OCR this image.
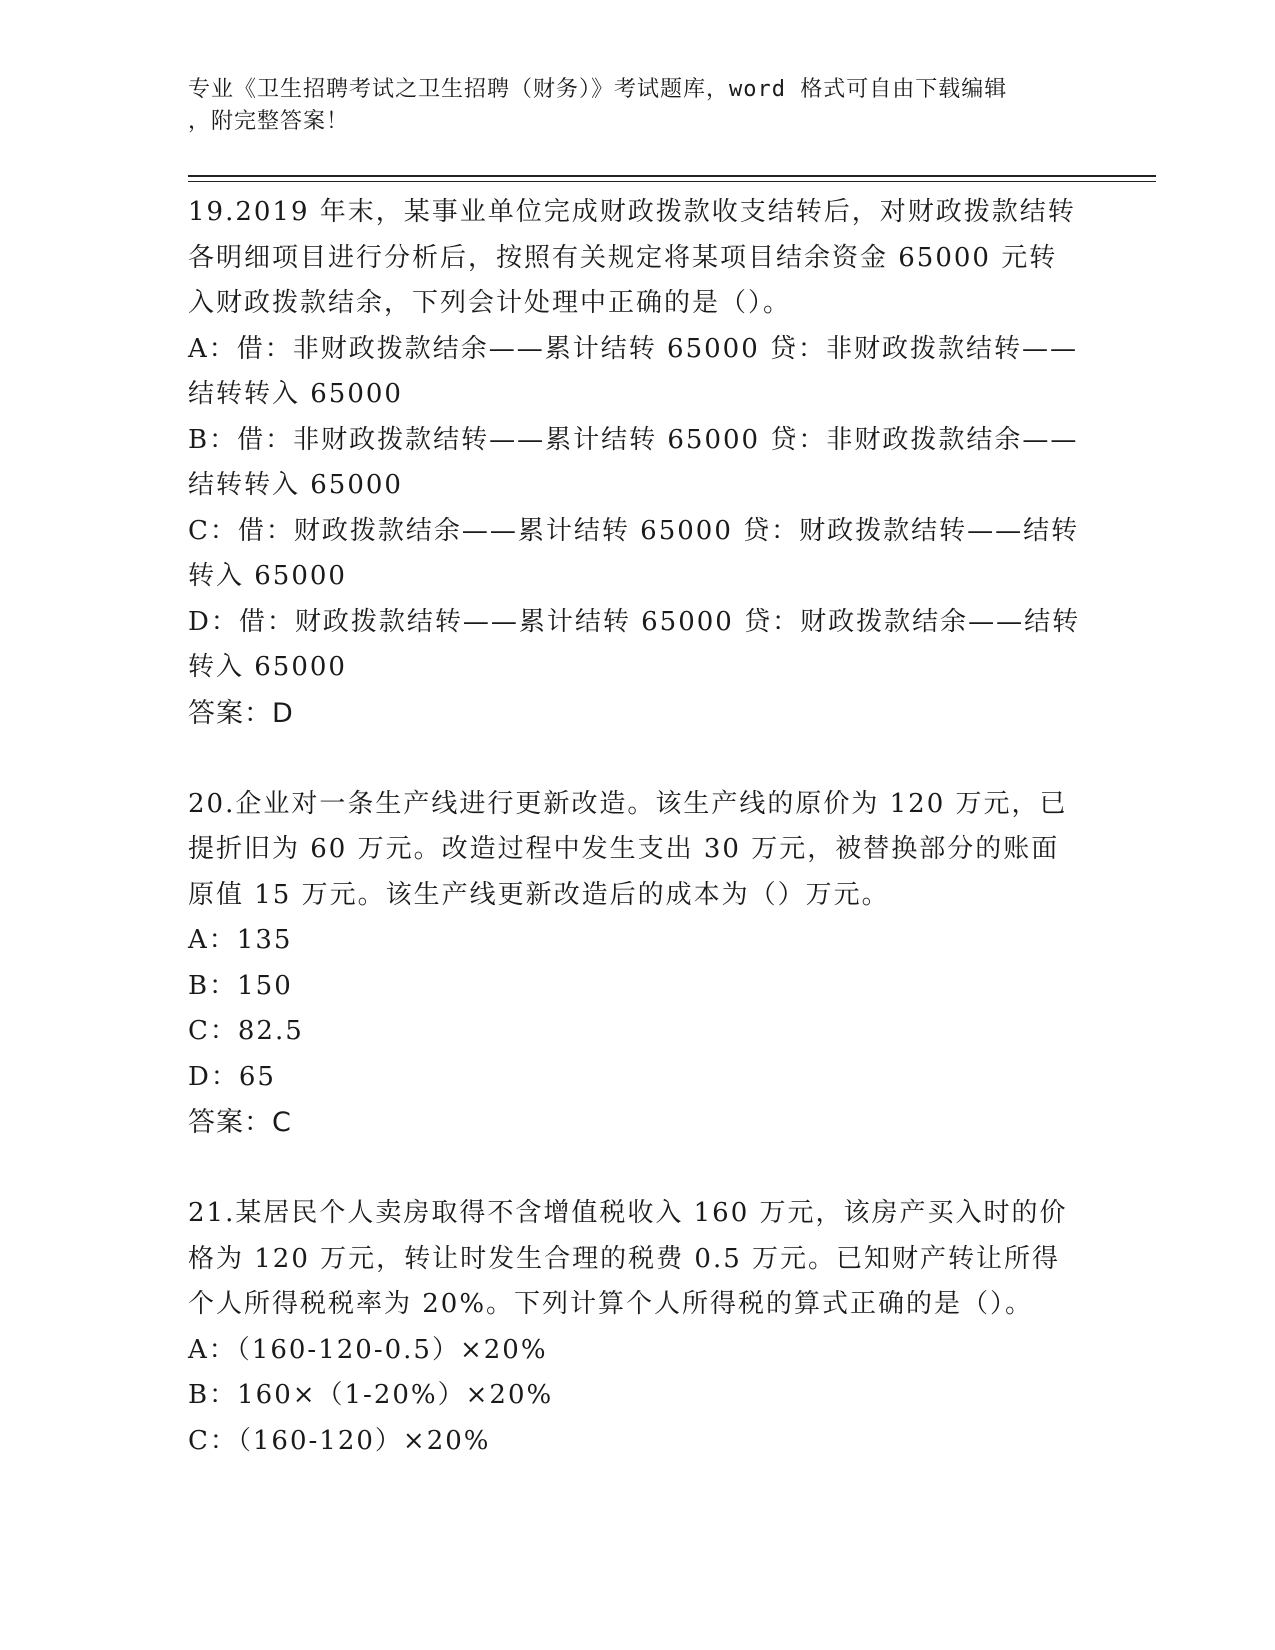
专业《卫生招聘考试之卫生招聘（财务）》考试题库，word 格式可自由下载编辑
，附完整答案！

19.2019 年末，某事业单位完成财政拨款收支结转后，对财政拨款结转

各明细项目进行分析后，按照有关规定将某项目结余资金 65000 元转

入财政拨款结余，下列会计处理中正确的是（）。

A：借：非财政拨款结余——累计结转 65000 贷：非财政拨款结转——

结转转入 65000

B：借：非财政拨款结转——累计结转 65000 贷：非财政拨款结余——

结转转入 65000

C：借：财政拨款结余——累计结转 65000 贷：财政拨款结转——结转

转入 65000

D：借：财政拨款结转——累计结转 65000 贷：财政拨款结余——结转

转入 65000

答案：D

20.企业对一条生产线进行更新改造。该生产线的原价为 120 万元，已

提折旧为 60 万元。改造过程中发生支出 30 万元，被替换部分的账面

原值 15 万元。该生产线更新改造后的成本为（）万元。

A：135

B：150

C：82.5

D：65

答案：C

21.某居民个人卖房取得不含增值税收入 160 万元，该房产买入时的价

格为 120 万元，转让时发生合理的税费 0.5 万元。已知财产转让所得

个人所得税税率为 20%。下列计算个人所得税的算式正确的是（）。

A：（160-120-0.5）×20%

B：160×（1-20%）×20%

C：（160-120）×20%
